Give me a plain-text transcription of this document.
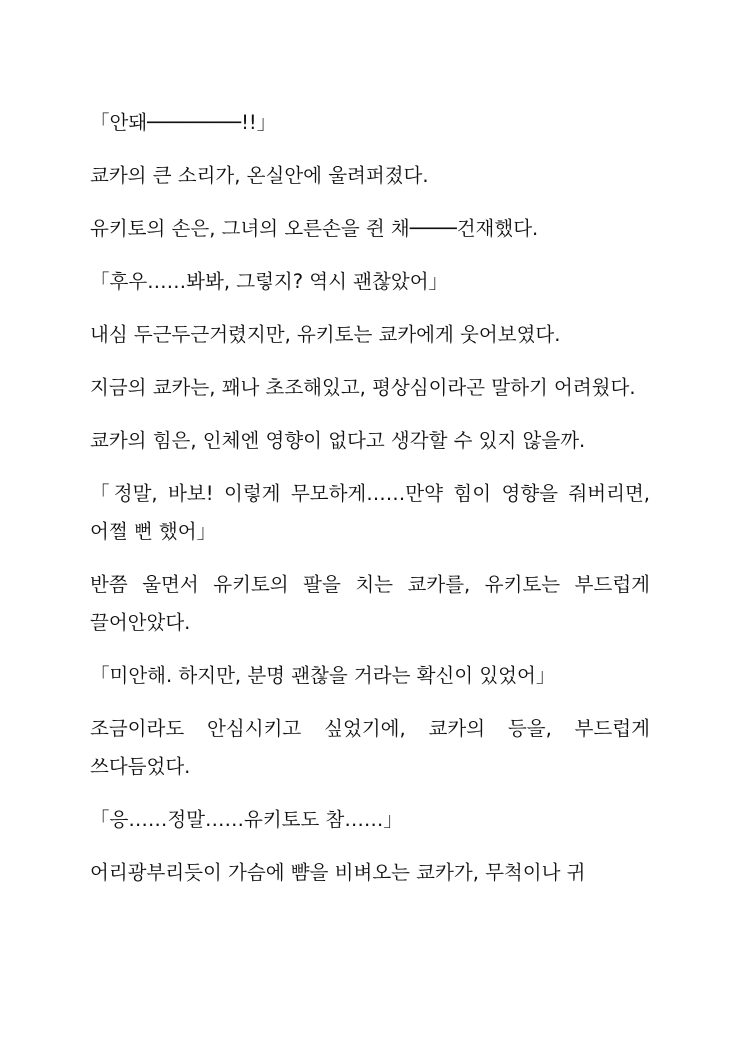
「안돼────────!!」

쿄카의 큰 소리가, 온실안에 울려퍼졌다.

유키토의 손은, 그녀의 오른손을 쥔 채────건재했다.

「후우……봐봐, 그렇지? 역시 괜찮았어」

내심 두근두근거렸지만, 유키토는 쿄카에게 웃어보였다.

지금의 쿄카는, 꽤나 초조해있고, 평상심이라곤 말하기 어려웠다.

쿄카의 힘은, 인체엔 영향이 없다고 생각할 수 있지 않을까.

「정말, 바보! 이렇게 무모하게……만약 힘이 영향을 줘버리면, 어쩔 뻔 했어」

반쯤 울면서 유키토의 팔을 치는 쿄카를, 유키토는 부드럽게 끌어안았다.

「미안해. 하지만, 분명 괜찮을 거라는 확신이 있었어」

조금이라도 안심시키고 싶었기에, 쿄카의 등을, 부드럽게 쓰다듬었다.

「응……정말……유키토도 참……」

어리광부리듯이 가슴에 뺨을 비벼오는 쿄카가, 무척이나 귀
